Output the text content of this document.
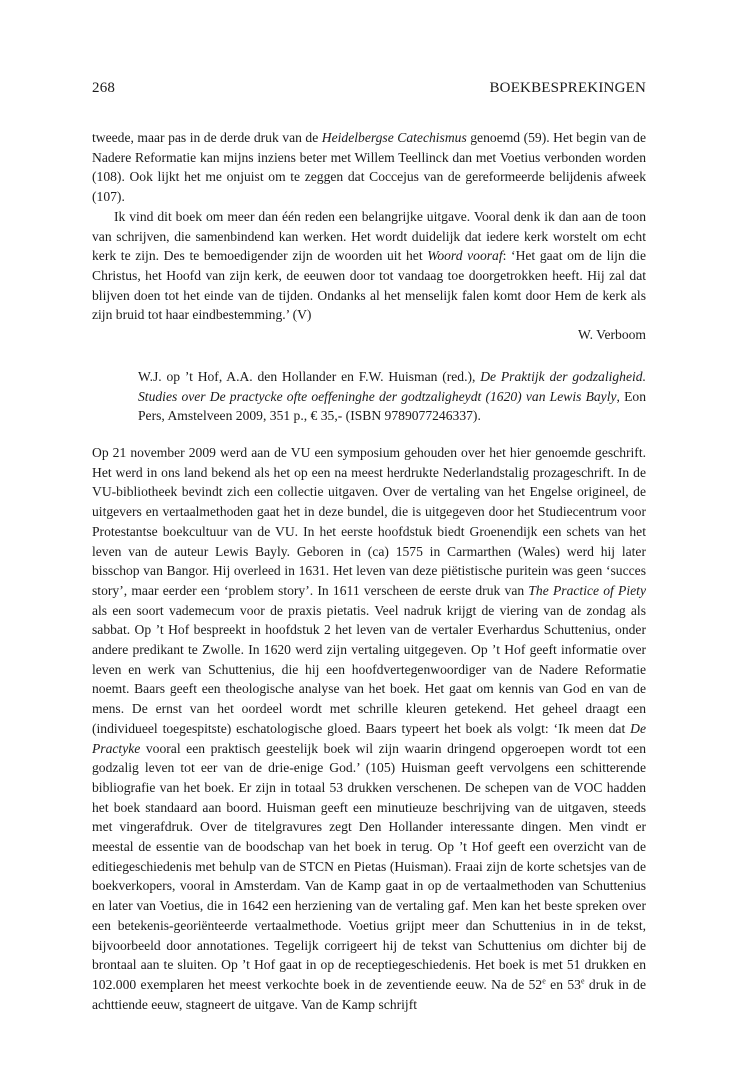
268	BOEKBESPREKINGEN

tweede, maar pas in de derde druk van de Heidelbergse Catechismus genoemd (59). Het begin van de Nadere Reformatie kan mijns inziens beter met Willem Teellinck dan met Voetius verbonden worden (108). Ook lijkt het me onjuist om te zeggen dat Coccejus van de gereformeerde belijdenis afweek (107).

Ik vind dit boek om meer dan één reden een belangrijke uitgave. Vooral denk ik dan aan de toon van schrijven, die samenbindend kan werken. Het wordt duidelijk dat iedere kerk worstelt om echt kerk te zijn. Des te bemoedigender zijn de woorden uit het Woord vooraf: ‘Het gaat om de lijn die Christus, het Hoofd van zijn kerk, de eeuwen door tot vandaag toe doorgetrokken heeft. Hij zal dat blijven doen tot het einde van de tijden. Ondanks al het menselijk falen komt door Hem de kerk als zijn bruid tot haar eindbestemming.’ (V)

W. Verboom

W.J. op ’t Hof, A.A. den Hollander en F.W. Huisman (red.), De Praktijk der godzaligheid. Studies over De practycke ofte oeffeninghe der godtzaligheydt (1620) van Lewis Bayly, Eon Pers, Amstelveen 2009, 351 p., € 35,- (ISBN 9789077246337).

Op 21 november 2009 werd aan de VU een symposium gehouden over het hier genoemde geschrift. Het werd in ons land bekend als het op een na meest herdrukte Nederlandstalig prozageschrift. In de VU-bibliotheek bevindt zich een collectie uitgaven. Over de vertaling van het Engelse origineel, de uitgevers en vertaalmethoden gaat het in deze bundel, die is uitgegeven door het Studiecentrum voor Protestantse boekcultuur van de VU. In het eerste hoofdstuk biedt Groenendijk een schets van het leven van de auteur Lewis Bayly. Geboren in (ca) 1575 in Carmarthen (Wales) werd hij later bisschop van Bangor. Hij overleed in 1631. Het leven van deze piëtistische puritein was geen ‘succes story’, maar eerder een ‘problem story’. In 1611 verscheen de eerste druk van The Practice of Piety als een soort vademecum voor de praxis pietatis. Veel nadruk krijgt de viering van de zondag als sabbat. Op ’t Hof bespreekt in hoofdstuk 2 het leven van de vertaler Everhardus Schuttenius, onder andere predikant te Zwolle. In 1620 werd zijn vertaling uitgegeven. Op ’t Hof geeft informatie over leven en werk van Schuttenius, die hij een hoofdvertegenwoordiger van de Nadere Reformatie noemt. Baars geeft een theologische analyse van het boek. Het gaat om kennis van God en van de mens. De ernst van het oordeel wordt met schrille kleuren getekend. Het geheel draagt een (individueel toegespitste) eschatologische gloed. Baars typeert het boek als volgt: ‘Ik meen dat De Practyke vooral een praktisch geestelijk boek wil zijn waarin dringend opgeroepen wordt tot een godzalig leven tot eer van de drie-enige God.’ (105) Huisman geeft vervolgens een schitterende bibliografie van het boek. Er zijn in totaal 53 drukken verschenen. De schepen van de VOC hadden het boek standaard aan boord. Huisman geeft een minutieuze beschrijving van de uitgaven, steeds met vingerafdruk. Over de titelgravures zegt Den Hollander interessante dingen. Men vindt er meestal de essentie van de boodschap van het boek in terug. Op ’t Hof geeft een overzicht van de editiegeschiedenis met behulp van de STCN en Pietas (Huisman). Fraai zijn de korte schetsjes van de boekverkopers, vooral in Amsterdam. Van de Kamp gaat in op de vertaalmethoden van Schuttenius en later van Voetius, die in 1642 een herziening van de vertaling gaf. Men kan het beste spreken over een betekenis-georiënteerde vertaalmethode. Voetius grijpt meer dan Schuttenius in in de tekst, bijvoorbeeld door annotationes. Tegelijk corrigeert hij de tekst van Schuttenius om dichter bij de brontaal aan te sluiten. Op ’t Hof gaat in op de receptiegeschiedenis. Het boek is met 51 drukken en 102.000 exemplaren het meest verkochte boek in de zeventiende eeuw. Na de 52e en 53e druk in de achttiende eeuw, stagneert de uitgave. Van de Kamp schrijft
